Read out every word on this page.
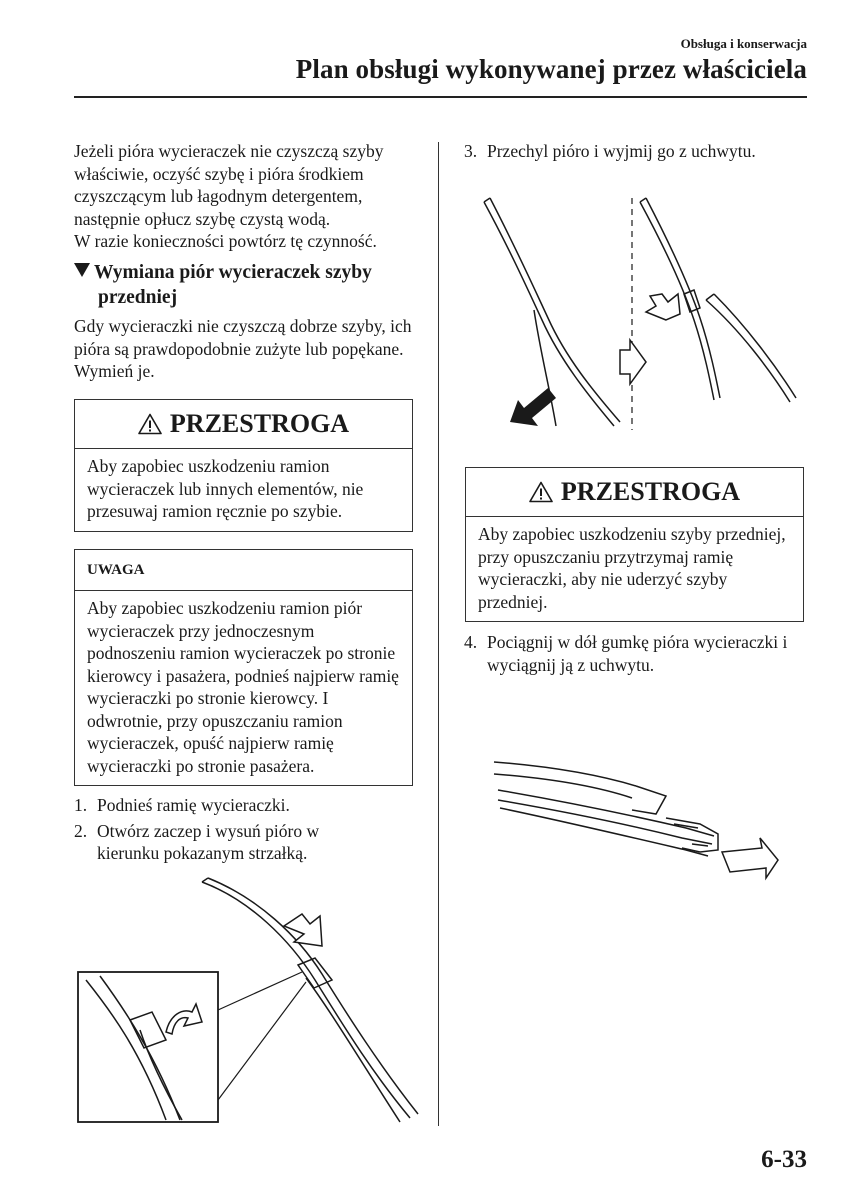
Obsługa i konserwacja
Plan obsługi wykonywanej przez właściciela

Jeżeli pióra wycieraczek nie czyszczą szyby właściwie, oczyść szybę i pióra środkiem czyszczącym lub łagodnym detergentem, następnie opłucz szybę czystą wodą.

W razie konieczności powtórz tę czynność.

Wymiana piór wycieraczek szyby
przedniej
Gdy wycieraczki nie czyszczą dobrze szyby, ich pióra są prawdopodobnie zużyte lub popękane. Wymień je.
PRZESTROGA
Aby zapobiec uszkodzeniu ramion wycieraczek lub innych elementów, nie przesuwaj ramion ręcznie po szybie.
UWAGA
Aby zapobiec uszkodzeniu ramion piór wycieraczek przy jednoczesnym podnoszeniu ramion wycieraczek po stronie kierowcy i pasażera, podnieś najpierw ramię wycieraczki po stronie kierowcy. I odwrotnie, przy opuszczaniu ramion wycieraczek, opuść najpierw ramię wycieraczki po stronie pasażera.
1. Podnieś ramię wycieraczki.
2. Otwórz zaczep i wysuń pióro w kierunku pokazanym strzałką.
3. Przechyl pióro i wyjmij go z uchwytu.
PRZESTROGA
Aby zapobiec uszkodzeniu szyby przedniej, przy opuszczaniu przytrzymaj ramię wycieraczki, aby nie uderzyć szyby przedniej.
4. Pociągnij w dół gumkę pióra wycieraczki i wyciągnij ją z uchwytu.
6-33
